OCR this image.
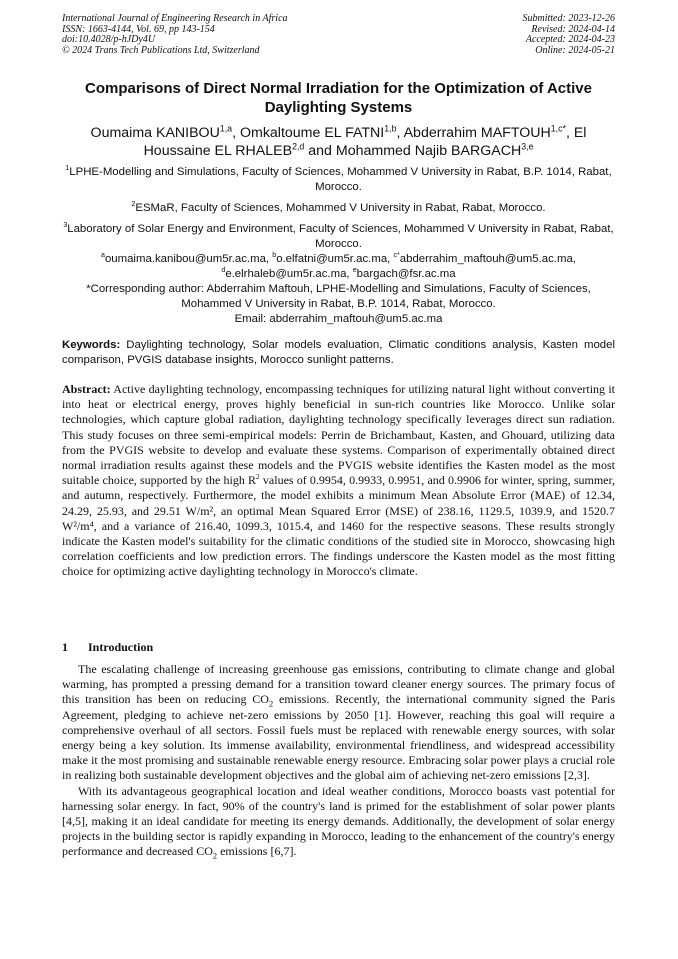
International Journal of Engineering Research in Africa
ISSN: 1663-4144, Vol. 69, pp 143-154
doi:10.4028/p-hJDy4U
© 2024 Trans Tech Publications Ltd, Switzerland
Submitted: 2023-12-26
Revised: 2024-04-14
Accepted: 2024-04-23
Online: 2024-05-21
Comparisons of Direct Normal Irradiation for the Optimization of Active Daylighting Systems
Oumaima KANIBOU$^{1,a}$, Omkaltoume EL FATNI$^{1,b}$, Abderrahim $MAFTOUH^{1,c*}$, El Houssaine EL RHALEB$^{2,d}$ and Mohammed Najib BARGACH$^{3,e}$
$^1$LPHE-Modelling and Simulations, Faculty of Sciences, Mohammed V University in Rabat, B.P. 1014, Rabat, Morocco.
$^2$ESMaR, Faculty of Sciences, Mohammed V University in Rabat, Rabat, Morocco.
$^3$Laboratory of Solar Energy and Environment, Faculty of Sciences, Mohammed V University in Rabat, Rabat, Morocco.
$^a$oumaima.kanibou@um5r.ac.ma, $^b$o.elfatni@um5r.ac.ma, $^{c*}$abderrahim_maftouh@um5.ac.ma, $^d$e.elrhaleb@um5r.ac.ma, $^e$bargach@fsr.ac.ma
*Corresponding author: Abderrahim Maftouh, LPHE-Modelling and Simulations, Faculty of Sciences, Mohammed V University in Rabat, B.P. 1014, Rabat, Morocco.
Email: abderrahim_maftouh@um5.ac.ma
Keywords: Daylighting technology, Solar models evaluation, Climatic conditions analysis, Kasten model comparison, PVGIS database insights, Morocco sunlight patterns.
Abstract: Active daylighting technology, encompassing techniques for utilizing natural light without converting it into heat or electrical energy, proves highly beneficial in sun-rich countries like Morocco. Unlike solar technologies, which capture global radiation, daylighting technology specifically leverages direct sun radiation. This study focuses on three semi-empirical models: Perrin de Brichambaut, Kasten, and Ghouard, utilizing data from the PVGIS website to develop and evaluate these systems. Comparison of experimentally obtained direct normal irradiation results against these models and the PVGIS website identifies the Kasten model as the most suitable choice, supported by the high $R^2$ values of 0.9954, 0.9933, 0.9951, and 0.9906 for winter, spring, summer, and autumn, respectively. Furthermore, the model exhibits a minimum Mean Absolute Error (MAE) of 12.34, 24.29, 25.93, and 29.51 W/m², an optimal Mean Squared Error (MSE) of 238.16, 1129.5, 1039.9, and 1520.7 W²/m⁴, and a variance of 216.40, 1099.3, 1015.4, and 1460 for the respective seasons. These results strongly indicate the Kasten model's suitability for the climatic conditions of the studied site in Morocco, showcasing high correlation coefficients and low prediction errors. The findings underscore the Kasten model as the most fitting choice for optimizing active daylighting technology in Morocco's climate.
1 Introduction

The escalating challenge of increasing greenhouse gas emissions, contributing to climate change and global warming, has prompted a pressing demand for a transition toward cleaner energy sources. The primary focus of this transition has been on reducing $CO_2$ emissions. Recently, the international community signed the Paris Agreement, pledging to achieve net-zero emissions by 2050 [1]. However, reaching this goal will require a comprehensive overhaul of all sectors. Fossil fuels must be replaced with renewable energy sources, with solar energy being a key solution. Its immense availability, environmental friendliness, and widespread accessibility make it the most promising and sustainable renewable energy resource. Embracing solar power plays a crucial role in realizing both sustainable development objectives and the global aim of achieving net-zero emissions [2,3].

With its advantageous geographical location and ideal weather conditions, Morocco boasts vast potential for harnessing solar energy. In fact, 90% of the country's land is primed for the establishment of solar power plants [4,5], making it an ideal candidate for meeting its energy demands. Additionally, the development of solar energy projects in the building sector is rapidly expanding in Morocco, leading to the enhancement of the country's energy performance and decreased $CO_2$ emissions [6,7].
